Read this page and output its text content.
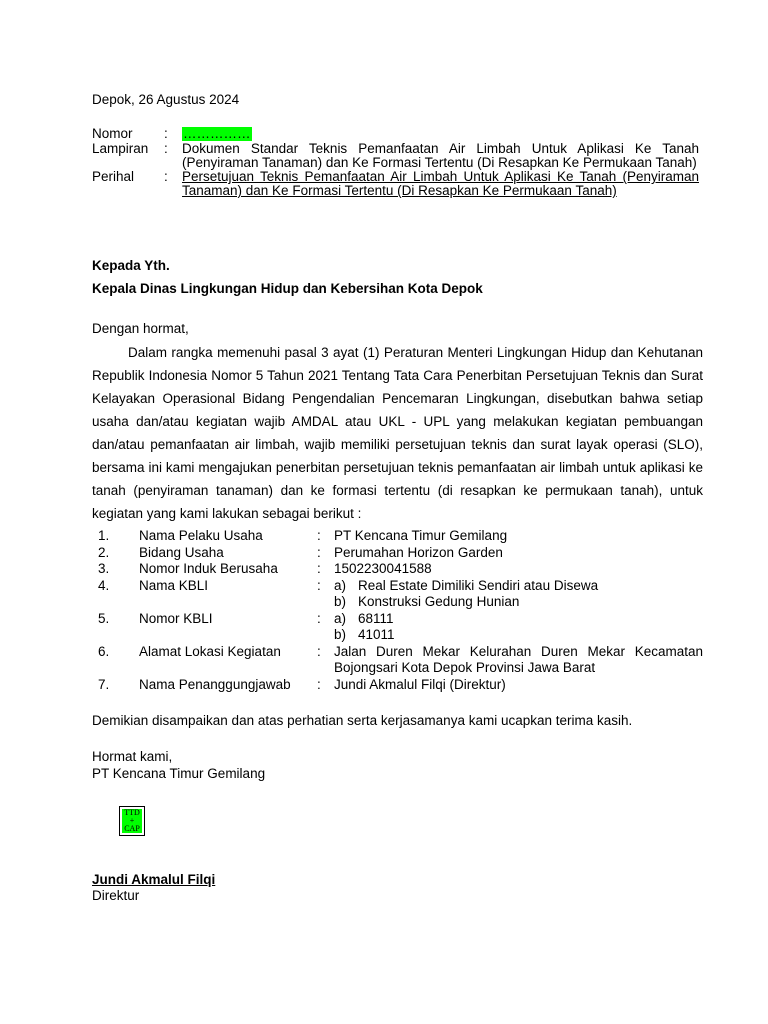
Depok, 26 Agustus 2024
Nomor	:	……………
Lampiran	:	Dokumen Standar Teknis Pemanfaatan Air Limbah Untuk Aplikasi Ke Tanah (Penyiraman Tanaman) dan Ke Formasi Tertentu (Di Resapkan Ke Permukaan Tanah)
Perihal	:	Persetujuan Teknis Pemanfaatan Air Limbah Untuk Aplikasi Ke Tanah (Penyiraman Tanaman) dan Ke Formasi Tertentu (Di Resapkan Ke Permukaan Tanah)
Kepada Yth.
Kepala Dinas Lingkungan Hidup dan Kebersihan Kota Depok
Dengan hormat,

Dalam rangka memenuhi pasal 3 ayat (1) Peraturan Menteri Lingkungan Hidup dan Kehutanan Republik Indonesia Nomor 5 Tahun 2021 Tentang Tata Cara Penerbitan Persetujuan Teknis dan Surat Kelayakan Operasional Bidang Pengendalian Pencemaran Lingkungan, disebutkan bahwa setiap usaha dan/atau kegiatan wajib AMDAL atau UKL - UPL yang melakukan kegiatan pembuangan dan/atau pemanfaatan air limbah, wajib memiliki persetujuan teknis dan surat layak operasi (SLO), bersama ini kami mengajukan penerbitan persetujuan teknis pemanfaatan air limbah untuk aplikasi ke tanah (penyiraman tanaman) dan ke formasi tertentu (di resapkan ke permukaan tanah), untuk kegiatan yang kami lakukan sebagai berikut :

1.	Nama Pelaku Usaha	:	PT Kencana Timur Gemilang
2.	Bidang Usaha	:	Perumahan Horizon Garden
3.	Nomor Induk Berusaha	:	1502230041588
4.	Nama KBLI	:	a) Real Estate Dimiliki Sendiri atau Disewa
b) Konstruksi Gedung Hunian

5.	Nomor KBLI	:	a) 68111
b) 41011

6.	Alamat Lokasi Kegiatan	:	Jalan Duren Mekar Kelurahan Duren Mekar Kecamatan Bojongsari Kota Depok Provinsi Jawa Barat
7.	Nama Penanggungjawab	:	Jundi Akmalul Filqi (Direktur)
Demikian disampaikan dan atas perhatian serta kerjasamanya kami ucapkan terima kasih.
Hormat kami,
PT Kencana Timur Gemilang
TTD+ CAP
Jundi Akmalul Filqi
Direktur
